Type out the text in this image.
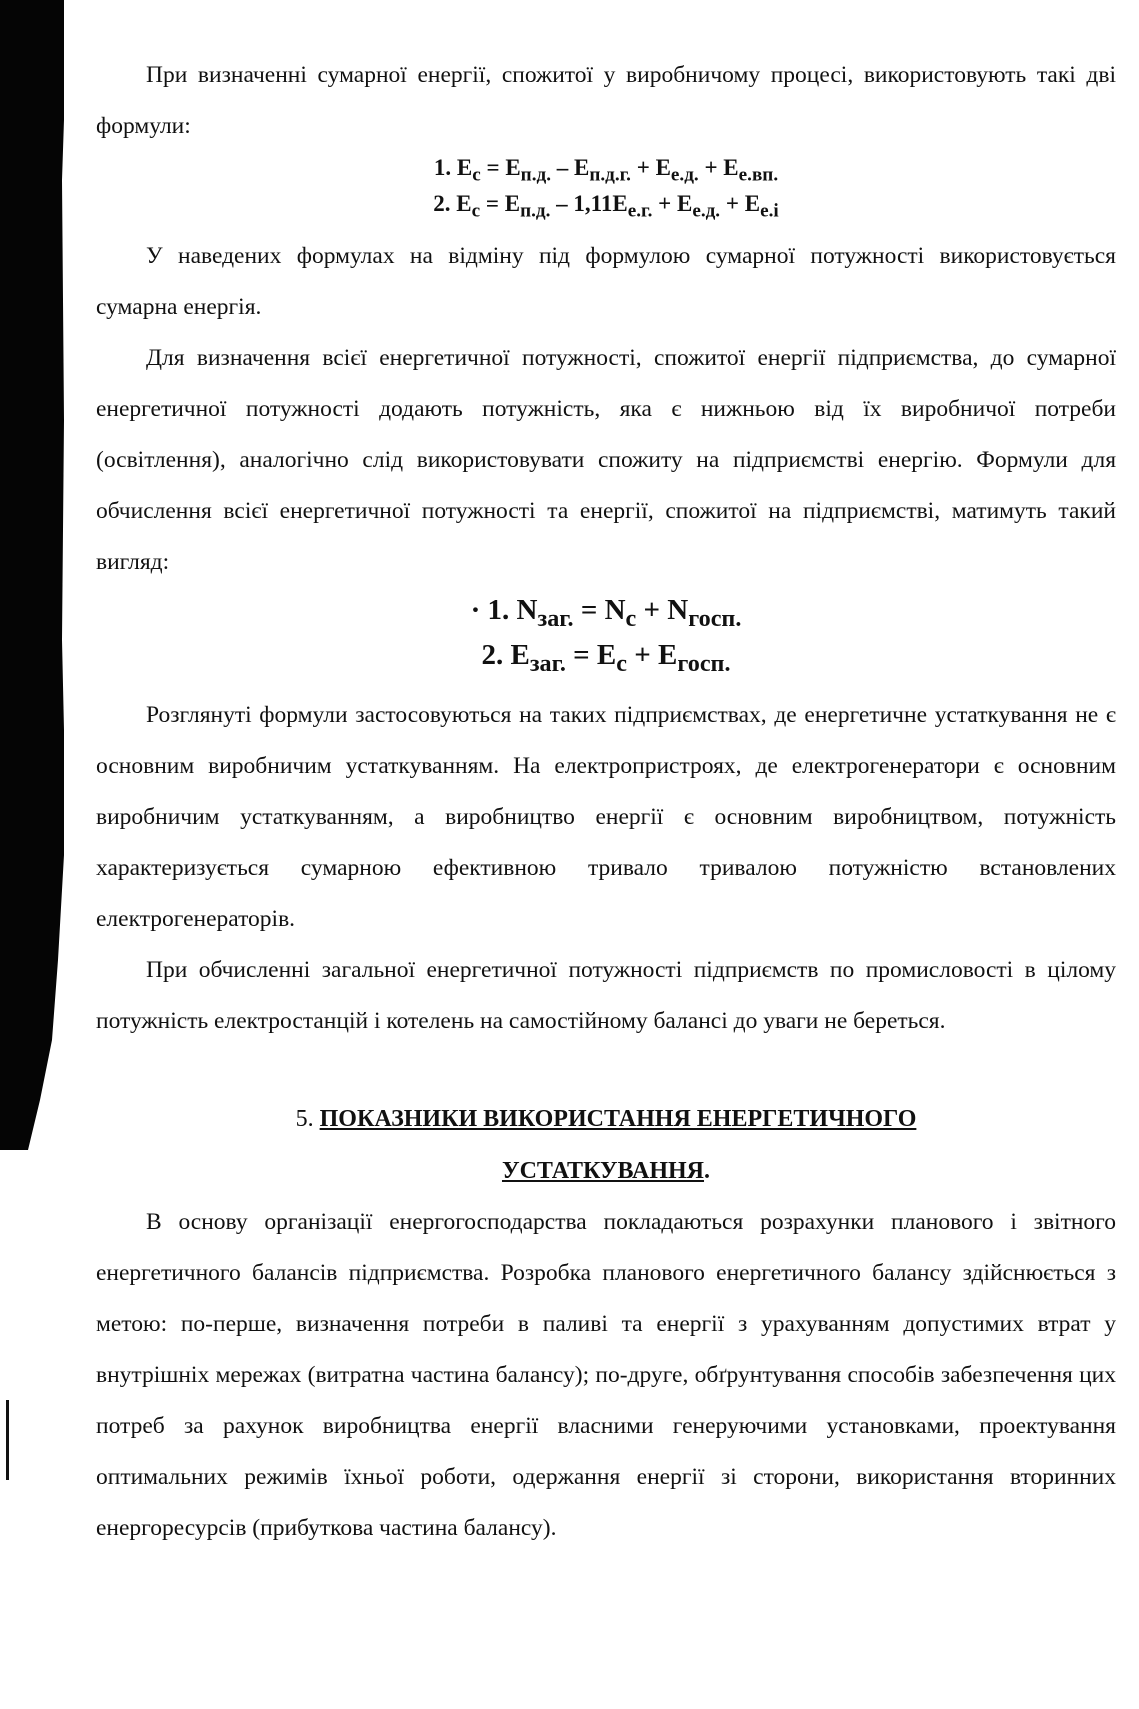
При визначенні сумарної енергії, спожитої у виробничому процесі, використовують такі дві формули:

1. $Е_с = Е_{п.д.} - Е_{п.д.г.} + Е_{е.д.} + Е_{е.вп.}$
2. $Е_с = Е_{п.д.} - 1,11Е_{е.г.} + Е_{е.д.} + Е_{е.і}$

У наведених формулах на відміну під формулою сумарної потужності використовується сумарна енергія.

Для визначення всієї енергетичної потужності, спожитої енергії підприємства, до сумарної енергетичної потужності додають потужність, яка є нижньою від їх виробничої потреби (освітлення), аналогічно слід використовувати спожиту на підприємстві енергію. Формули для обчислення всієї енергетичної потужності та енергії, спожитої на підприємстві, матимуть такий вигляд:

· 1. $N_{заг.} = N_с + N_{госп.}$
2. $Е_{заг.} = Е_с + Е_{госп.}$

Розглянуті формули застосовуються на таких підприємствах, де енергетичне устаткування не є основним виробничим устаткуванням. На електропристроях, де електрогенератори є основним виробничим устаткуванням, а виробництво енергії є основним виробництвом, потужність характеризується сумарною ефективною тривало тривалою потужністю встановлених електрогенераторів.

При обчисленні загальної енергетичної потужності підприємств по промисловості в цілому потужність електростанцій і котелень на самостійному балансі до уваги не береться.

5. ПОКАЗНИКИ ВИКОРИСТАННЯ ЕНЕРГЕТИЧНОГО
УСТАТКУВАННЯ.

В основу організації енергогосподарства покладаються розрахунки планового і звітного енергетичного балансів підприємства. Розробка планового енергетичного балансу здійснюється з метою: по-перше, визначення потреби в паливі та енергії з урахуванням допустимих втрат у внутрішніх мережах (витратна частина балансу); по-друге, обґрунтування способів забезпечення цих потреб за рахунок виробництва енергії власними генеруючими установками, проектування оптимальних режимів їхньої роботи, одержання енергії зі сторони, використання вторинних енергоресурсів (прибуткова частина балансу).
